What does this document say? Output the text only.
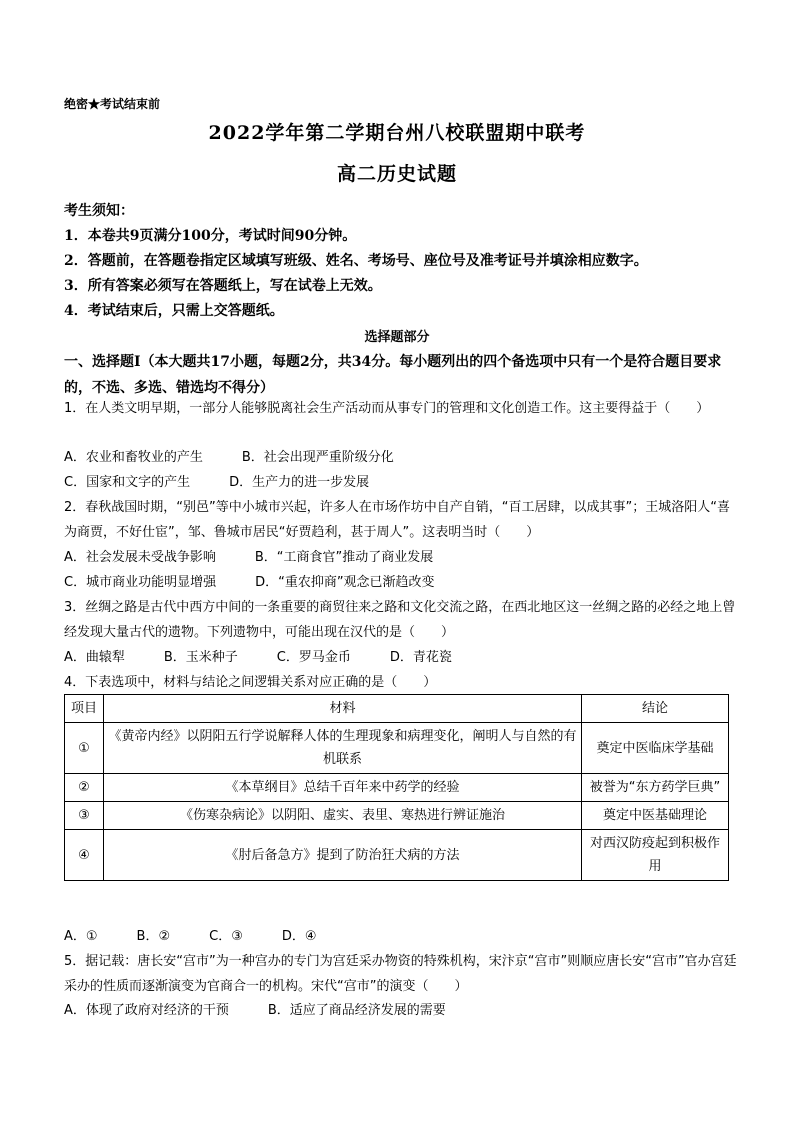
绝密★考试结束前
2022学年第二学期台州八校联盟期中联考
高二历史试题
考生须知：
1．本卷共9页满分100分，考试时间90分钟。
2．答题前，在答题卷指定区域填写班级、姓名、考场号、座位号及准考证号并填涂相应数字。
3．所有答案必须写在答题纸上，写在试卷上无效。
4．考试结束后，只需上交答题纸。
选择题部分
一、选择题Ⅰ（本大题共17小题，每题2分，共34分。每小题列出的四个备选项中只有一个是符合题目要求的，不选、多选、错选均不得分）
1．在人类文明早期，一部分人能够脱离社会生产活动而从事专门的管理和文化创造工作。这主要得益于（　　）
A．农业和畜牧业的产生　　　B．社会出现严重阶级分化
C．国家和文字的产生　　　D．生产力的进一步发展
2．春秋战国时期，“别邑”等中小城市兴起，许多人在市场作坊中自产自销，“百工居肆，以成其事”；王城洛阳人“喜为商贾，不好仕宦”，邹、鲁城市居民“好贾趋利，甚于周人”。这表明当时（　　）
A．社会发展未受战争影响　　　B．“工商食官”推动了商业发展
C．城市商业功能明显增强　　　D．“重农抑商”观念已渐趋改变
3．丝绸之路是古代中西方中间的一条重要的商贸往来之路和文化交流之路，在西北地区这一丝绸之路的必经之地上曾经发现大量古代的遗物。下列遗物中，可能出现在汉代的是（　　）
A．曲辕犁　　　B．玉米种子　　　C．罗马金币　　　D．青花瓷
4．下表选项中，材料与结论之间逻辑关系对应正确的是（　　）
项目	材料	结论
①	《黄帝内经》以阴阳五行学说解释人体的生理现象和病理变化，阐明人与自然的有机联系	奠定中医临床学基础
②	《本草纲目》总结千百年来中药学的经验	被誉为“东方药学巨典”
③	《伤寒杂病论》以阴阳、虚实、表里、寒热进行辨证施治	奠定中医基础理论
④	《肘后备急方》提到了防治狂犬病的方法	对西汉防疫起到积极作用
A．①　　　B．②　　　C．③　　　D．④
5．据记载：唐长安“宫市”为一种宫办的专门为宫廷采办物资的特殊机构，宋汴京“宫市”则顺应唐长安“宫市”官办宫廷采办的性质而逐渐演变为官商合一的机构。宋代“宫市”的演变（　　）
A．体现了政府对经济的干预　　　B．适应了商品经济发展的需要
